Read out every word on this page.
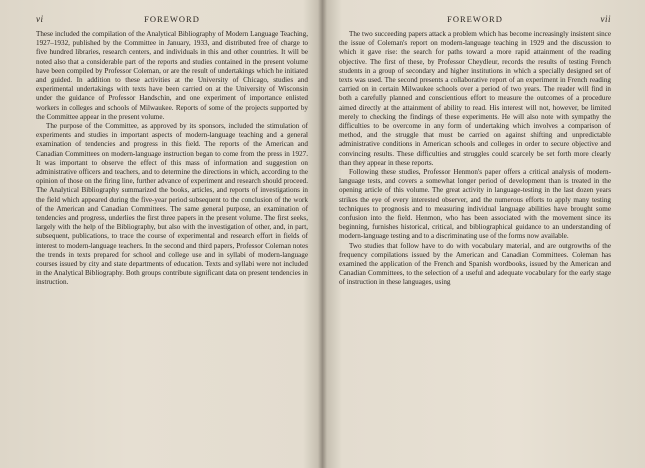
vi	FOREWORD

These included the compilation of the Analytical Bibliography of Modern Language Teaching, 1927–1932, published by the Committee in January, 1933, and distributed free of charge to five hundred libraries, research centers, and individuals in this and other countries. It will be noted also that a considerable part of the reports and studies contained in the present volume have been compiled by Professor Coleman, or are the result of undertakings which he initiated and guided. In addition to these activities at the University of Chicago, studies and experimental undertakings with texts have been carried on at the University of Wisconsin under the guidance of Professor Handschin, and one experiment of importance enlisted workers in colleges and schools of Milwaukee. Reports of some of the projects supported by the Committee appear in the present volume.

The purpose of the Committee, as approved by its sponsors, included the stimulation of experiments and studies in important aspects of modern-language teaching and a general examination of tendencies and progress in this field. The reports of the American and Canadian Committees on modern-language instruction began to come from the press in 1927. It was important to observe the effect of this mass of information and suggestion on administrative officers and teachers, and to determine the directions in which, according to the opinion of those on the firing line, further advance of experiment and research should proceed. The Analytical Bibliography summarized the books, articles, and reports of investigations in the field which appeared during the five-year period subsequent to the conclusion of the work of the American and Canadian Committees. The same general purpose, an examination of tendencies and progress, underlies the first three papers in the present volume. The first seeks, largely with the help of the Bibliography, but also with the investigation of other, and, in part, subsequent, publications, to trace the course of experimental and research effort in fields of interest to modern-language teachers. In the second and third papers, Professor Coleman notes the trends in texts prepared for school and college use and in syllabi of modern-language courses issued by city and state departments of education. Texts and syllabi were not included in the Analytical Bibliography. Both groups contribute significant data on present tendencies in instruction.

FOREWORD	vii

The two succeeding papers attack a problem which has become increasingly insistent since the issue of Coleman's report on modern-language teaching in 1929 and the discussion to which it gave rise: the search for paths toward a more rapid attainment of the reading objective. The first of these, by Professor Cheydleur, records the results of testing French students in a group of secondary and higher institutions in which a specially designed set of texts was used. The second presents a collaborative report of an experiment in French reading carried on in certain Milwaukee schools over a period of two years. The reader will find in both a carefully planned and conscientious effort to measure the outcomes of a procedure aimed directly at the attainment of ability to read. His interest will not, however, be limited merely to checking the findings of these experiments. He will also note with sympathy the difficulties to be overcome in any form of undertaking which involves a comparison of method, and the struggle that must be carried on against shifting and unpredictable administrative conditions in American schools and colleges in order to secure objective and convincing results. These difficulties and struggles could scarcely be set forth more clearly than they appear in these reports.

Following these studies, Professor Henmon's paper offers a critical analysis of modern-language tests, and covers a somewhat longer period of development than is treated in the opening article of this volume. The great activity in language-testing in the last dozen years strikes the eye of every interested observer, and the numerous efforts to apply many testing techniques to prognosis and to measuring individual language abilities have brought some confusion into the field. Henmon, who has been associated with the movement since its beginning, furnishes historical, critical, and bibliographical guidance to an understanding of modern-language testing and to a discriminating use of the forms now available.

Two studies that follow have to do with vocabulary material, and are outgrowths of the frequency compilations issued by the American and Canadian Committees. Coleman has examined the application of the French and Spanish wordbooks, issued by the American and Canadian Committees, to the selection of a useful and adequate vocabulary for the early stage of instruction in these languages, using
